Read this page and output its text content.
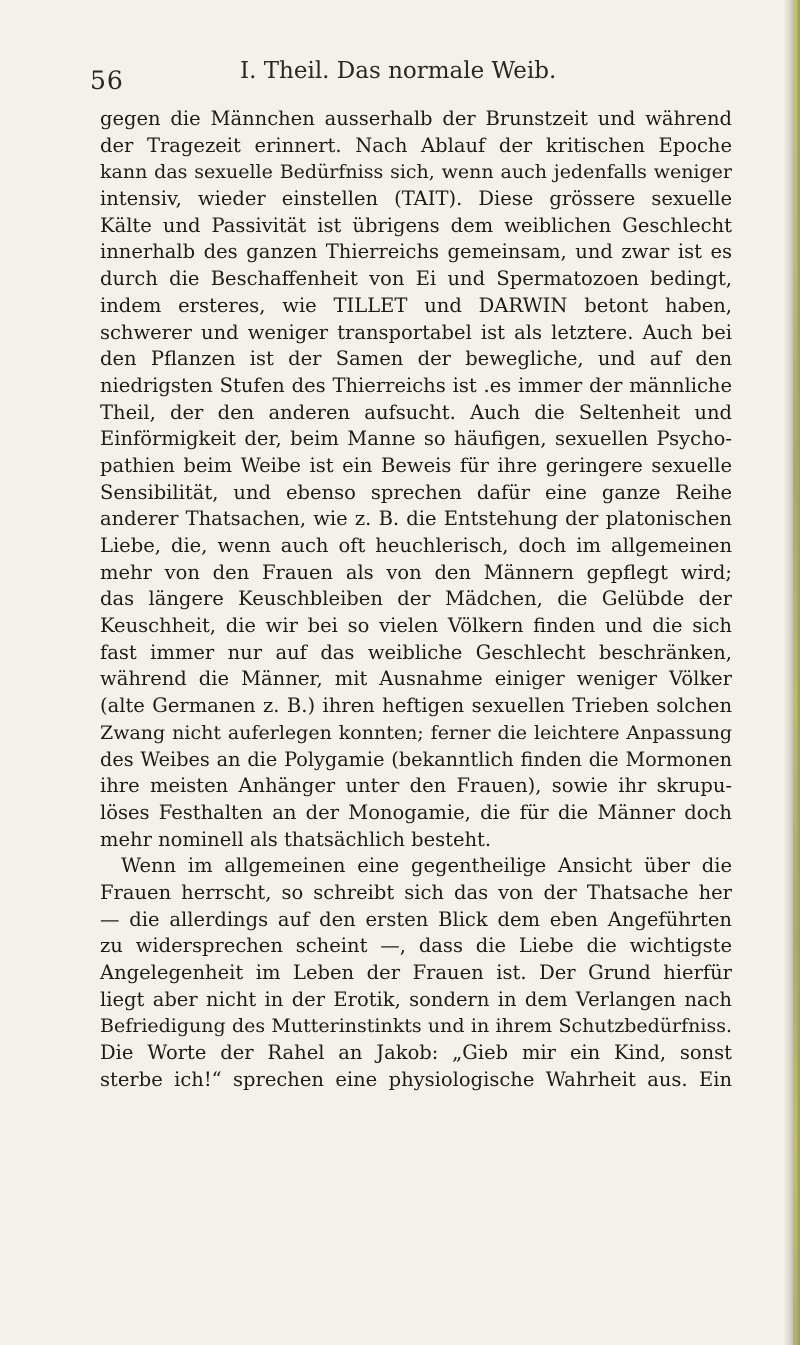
56	I. Theil. Das normale Weib.
gegen die Männchen ausserhalb der Brunstzeit und während
der Tragezeit erinnert. Nach Ablauf der kritischen Epoche
kann das sexuelle Bedürfniss sich, wenn auch jedenfalls weniger
intensiv, wieder einstellen (TAIT). Diese grössere sexuelle
Kälte und Passivität ist übrigens dem weiblichen Geschlecht
innerhalb des ganzen Thierreichs gemeinsam, und zwar ist es
durch die Beschaffenheit von Ei und Spermatozoen bedingt,
indem ersteres, wie TILLET und DARWIN betont haben,
schwerer und weniger transportabel ist als letztere. Auch bei
den Pflanzen ist der Samen der bewegliche, und auf den
niedrigsten Stufen des Thierreichs ist .es immer der männliche
Theil, der den anderen aufsucht. Auch die Seltenheit und
Einförmigkeit der, beim Manne so häufigen, sexuellen Psycho-
pathien beim Weibe ist ein Beweis für ihre geringere sexuelle
Sensibilität, und ebenso sprechen dafür eine ganze Reihe
anderer Thatsachen, wie z. B. die Entstehung der platonischen
Liebe, die, wenn auch oft heuchlerisch, doch im allgemeinen
mehr von den Frauen als von den Männern gepflegt wird;
das längere Keuschbleiben der Mädchen, die Gelübde der
Keuschheit, die wir bei so vielen Völkern finden und die sich
fast immer nur auf das weibliche Geschlecht beschränken,
während die Männer, mit Ausnahme einiger weniger Völker
(alte Germanen z. B.) ihren heftigen sexuellen Trieben solchen
Zwang nicht auferlegen konnten; ferner die leichtere Anpassung
des Weibes an die Polygamie (bekanntlich finden die Mormonen
ihre meisten Anhänger unter den Frauen), sowie ihr skrupu-
löses Festhalten an der Monogamie, die für die Männer doch
mehr nominell als thatsächlich besteht.
Wenn im allgemeinen eine gegentheilige Ansicht über die
Frauen herrscht, so schreibt sich das von der Thatsache her
— die allerdings auf den ersten Blick dem eben Angeführten
zu widersprechen scheint —, dass die Liebe die wichtigste
Angelegenheit im Leben der Frauen ist. Der Grund hierfür
liegt aber nicht in der Erotik, sondern in dem Verlangen nach
Befriedigung des Mutterinstinkts und in ihrem Schutzbedürfniss.
Die Worte der Rahel an Jakob: „Gieb mir ein Kind, sonst
sterbe ich!“ sprechen eine physiologische Wahrheit aus. Ein
